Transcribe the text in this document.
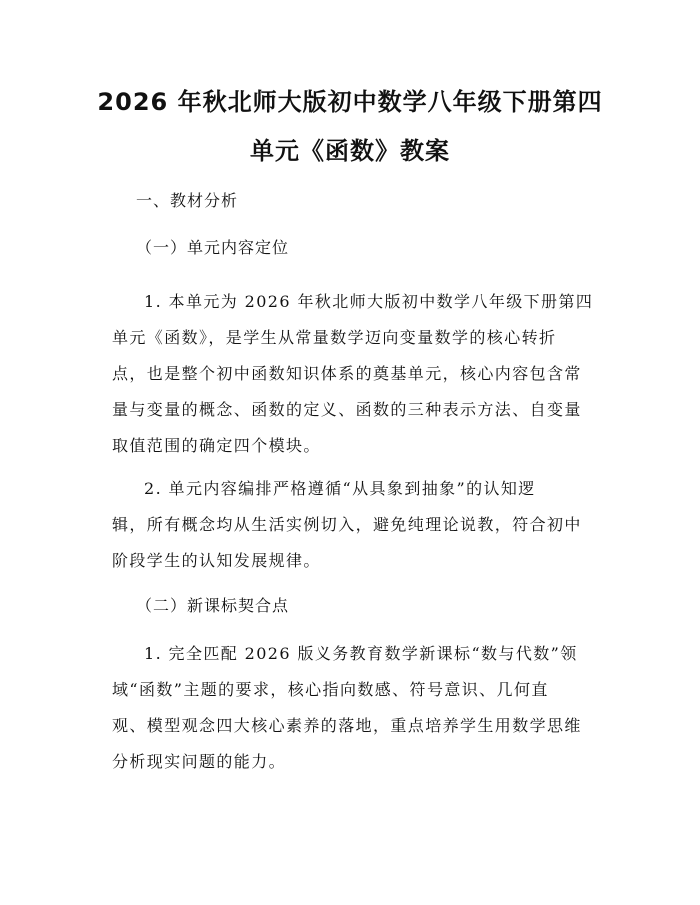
2026 年秋北师大版初中数学八年级下册第四
单元《函数》教案
一、教材分析
（一）单元内容定位
1. 本单元为 2026 年秋北师大版初中数学八年级下册第四
单元《函数》，是学生从常量数学迈向变量数学的核心转折
点，也是整个初中函数知识体系的奠基单元，核心内容包含常
量与变量的概念、函数的定义、函数的三种表示方法、自变量
取值范围的确定四个模块。
2. 单元内容编排严格遵循“从具象到抽象”的认知逻
辑，所有概念均从生活实例切入，避免纯理论说教，符合初中
阶段学生的认知发展规律。
（二）新课标契合点
1. 完全匹配 2026 版义务教育数学新课标“数与代数”领
域“函数”主题的要求，核心指向数感、符号意识、几何直
观、模型观念四大核心素养的落地，重点培养学生用数学思维
分析现实问题的能力。
